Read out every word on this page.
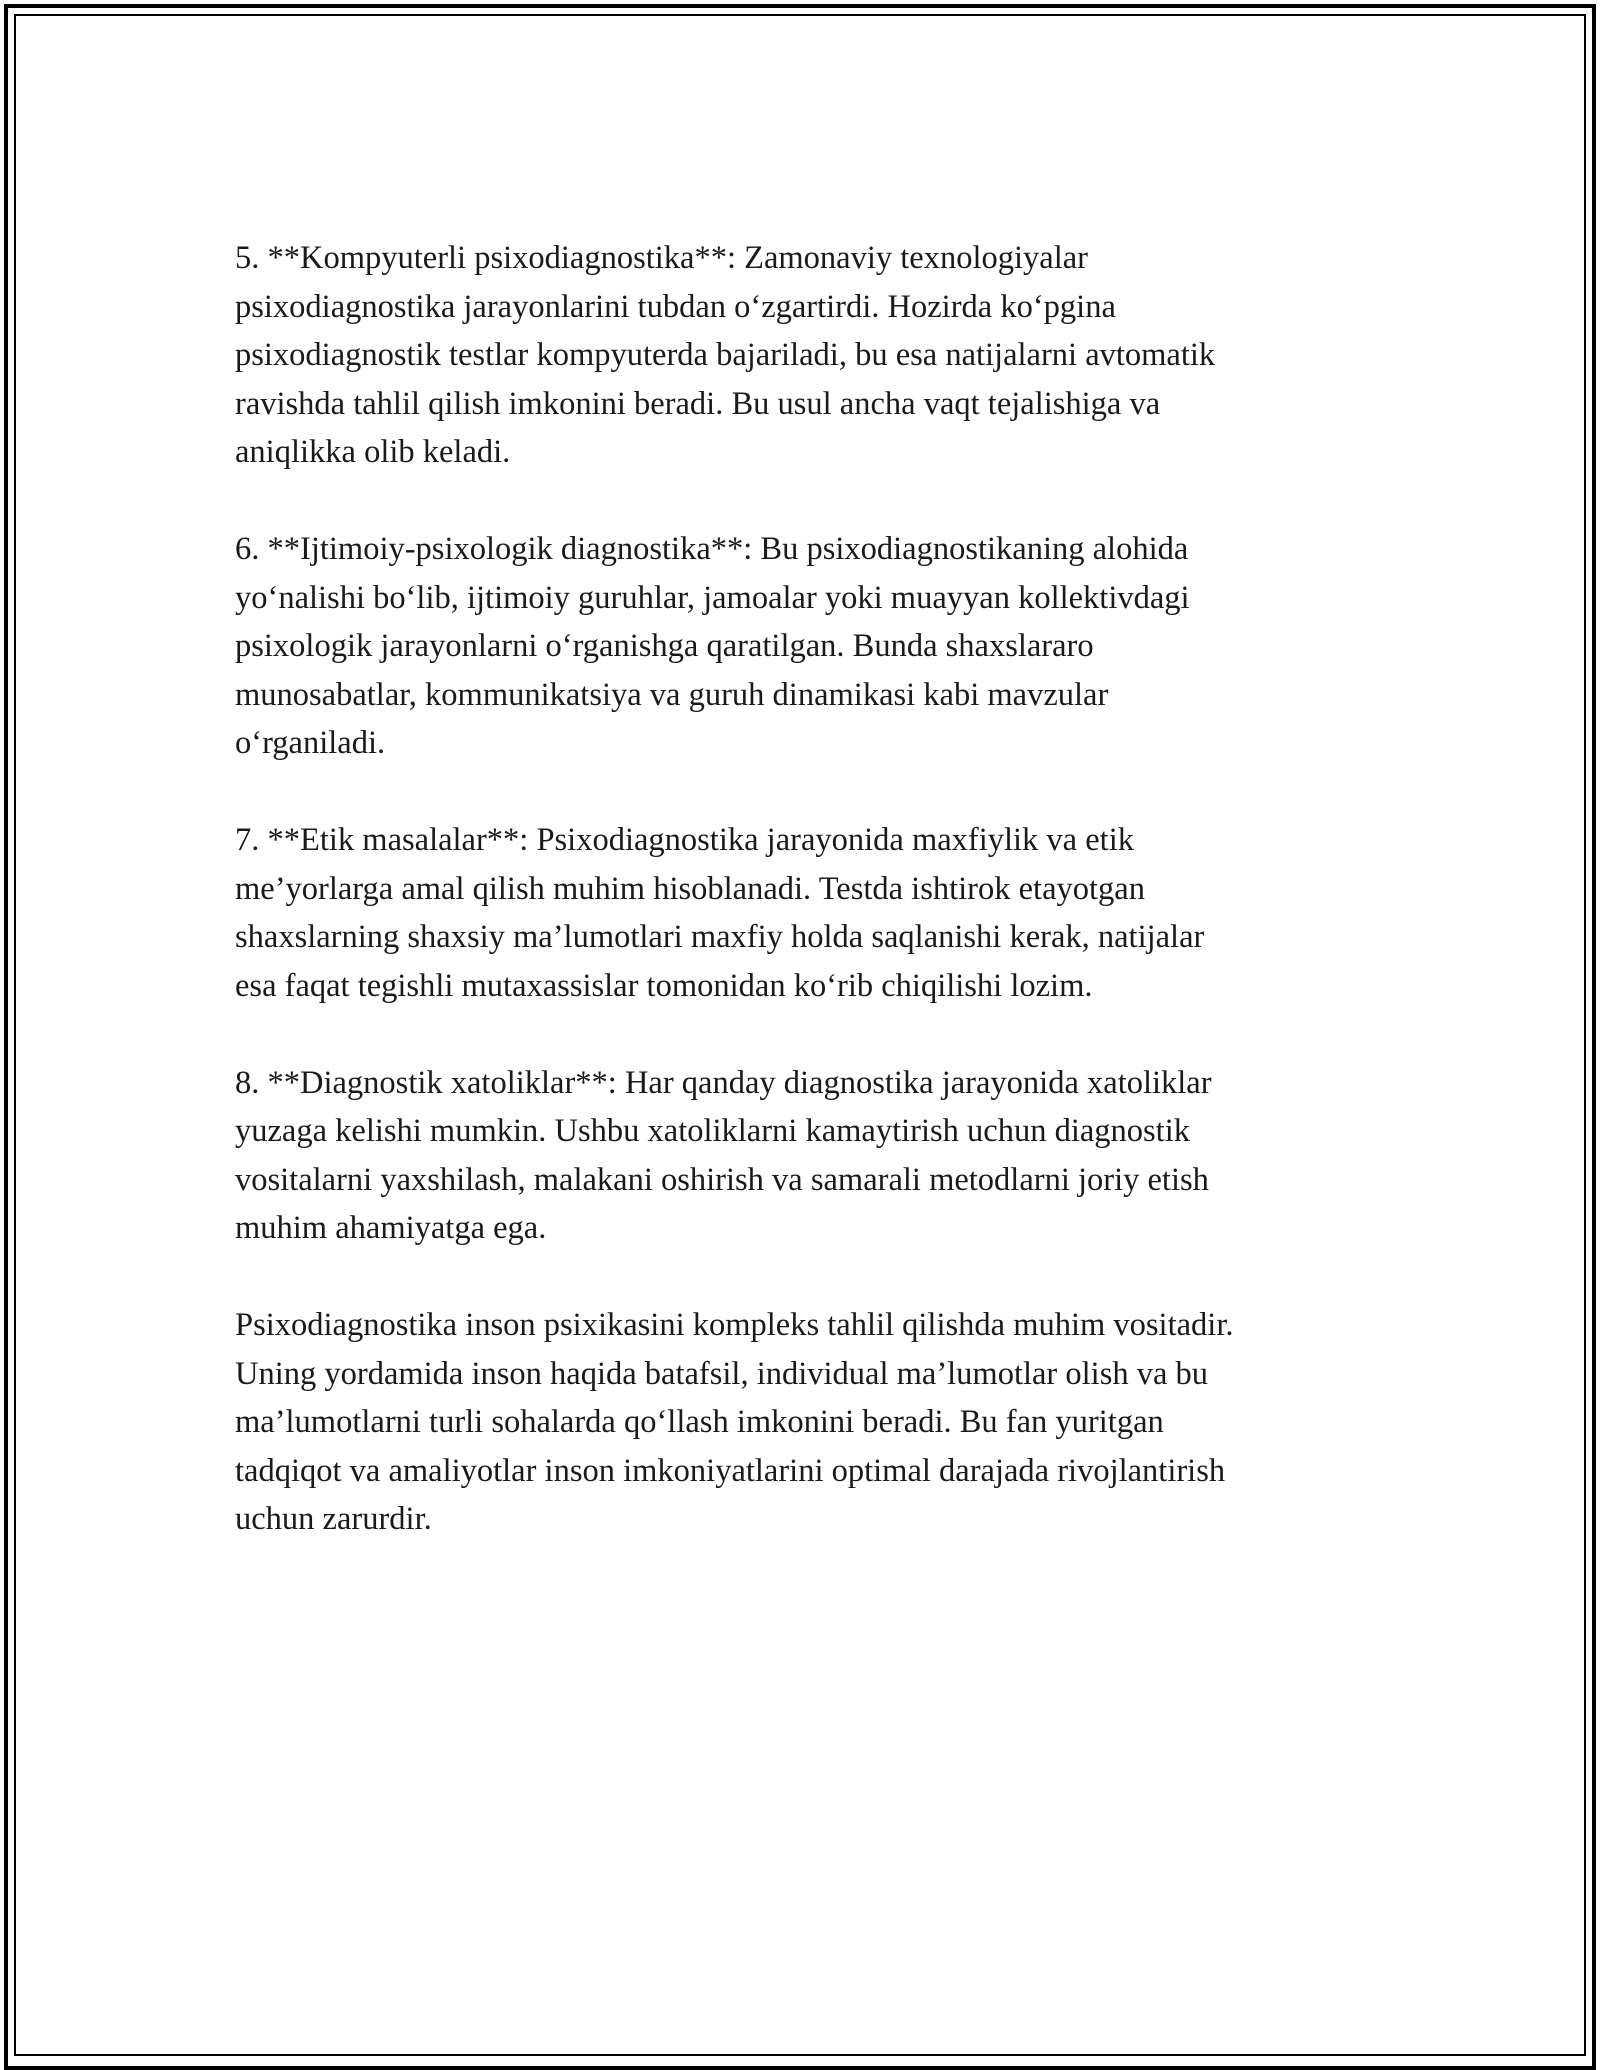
5. **Kompyuterli psixodiagnostika**: Zamonaviy texnologiyalar
psixodiagnostika jarayonlarini tubdan o‘zgartirdi. Hozirda ko‘pgina
psixodiagnostik testlar kompyuterda bajariladi, bu esa natijalarni avtomatik
ravishda tahlil qilish imkonini beradi. Bu usul ancha vaqt tejalishiga va
aniqlikka olib keladi.

6. **Ijtimoiy-psixologik diagnostika**: Bu psixodiagnostikaning alohida
yo‘nalishi bo‘lib, ijtimoiy guruhlar, jamoalar yoki muayyan kollektivdagi
psixologik jarayonlarni o‘rganishga qaratilgan. Bunda shaxslararo
munosabatlar, kommunikatsiya va guruh dinamikasi kabi mavzular
o‘rganiladi.

7. **Etik masalalar**: Psixodiagnostika jarayonida maxfiylik va etik
me’yorlarga amal qilish muhim hisoblanadi. Testda ishtirok etayotgan
shaxslarning shaxsiy ma’lumotlari maxfiy holda saqlanishi kerak, natijalar
esa faqat tegishli mutaxassislar tomonidan ko‘rib chiqilishi lozim.

8. **Diagnostik xatoliklar**: Har qanday diagnostika jarayonida xatoliklar
yuzaga kelishi mumkin. Ushbu xatoliklarni kamaytirish uchun diagnostik
vositalarni yaxshilash, malakani oshirish va samarali metodlarni joriy etish
muhim ahamiyatga ega.

Psixodiagnostika inson psixikasini kompleks tahlil qilishda muhim vositadir.
Uning yordamida inson haqida batafsil, individual ma’lumotlar olish va bu
ma’lumotlarni turli sohalarda qo‘llash imkonini beradi. Bu fan yuritgan
tadqiqot va amaliyotlar inson imkoniyatlarini optimal darajada rivojlantirish
uchun zarurdir.
